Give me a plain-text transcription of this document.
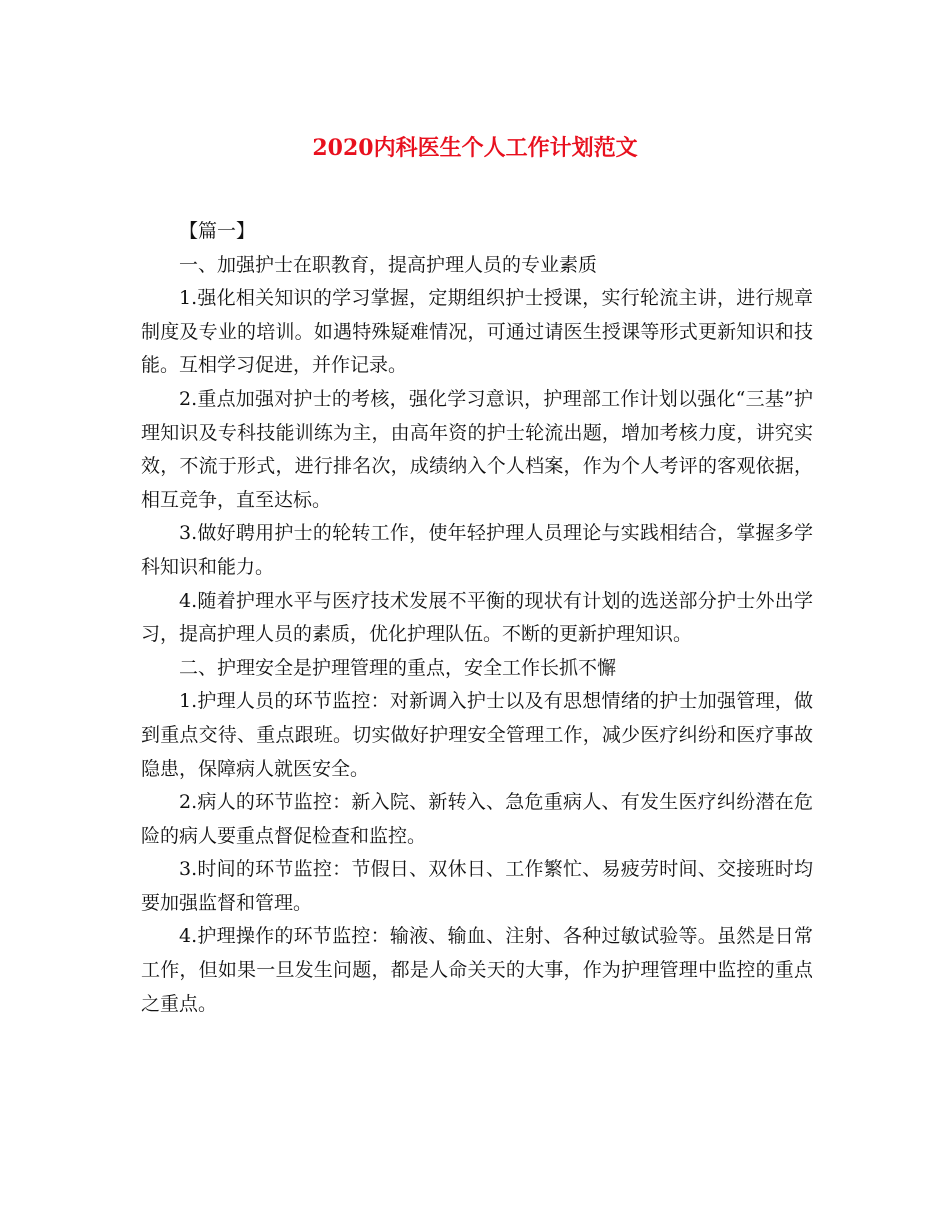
2020内科医生个人工作计划范文

【篇一】

一、加强护士在职教育，提高护理人员的专业素质

1.强化相关知识的学习掌握，定期组织护士授课，实行轮流主讲，进行规章制度及专业的培训。如遇特殊疑难情况，可通过请医生授课等形式更新知识和技能。互相学习促进，并作记录。

2.重点加强对护士的考核，强化学习意识，护理部工作计划以强化“三基”护理知识及专科技能训练为主，由高年资的护士轮流出题，增加考核力度，讲究实效，不流于形式，进行排名次，成绩纳入个人档案，作为个人考评的客观依据，相互竞争，直至达标。

3.做好聘用护士的轮转工作，使年轻护理人员理论与实践相结合，掌握多学科知识和能力。

4.随着护理水平与医疗技术发展不平衡的现状有计划的选送部分护士外出学习，提高护理人员的素质，优化护理队伍。不断的更新护理知识。

二、护理安全是护理管理的重点，安全工作长抓不懈

1.护理人员的环节监控：对新调入护士以及有思想情绪的护士加强管理，做到重点交待、重点跟班。切实做好护理安全管理工作，减少医疗纠纷和医疗事故隐患，保障病人就医安全。

2.病人的环节监控：新入院、新转入、急危重病人、有发生医疗纠纷潜在危险的病人要重点督促检查和监控。

3.时间的环节监控：节假日、双休日、工作繁忙、易疲劳时间、交接班时均要加强监督和管理。

4.护理操作的环节监控：输液、输血、注射、各种过敏试验等。虽然是日常工作，但如果一旦发生问题，都是人命关天的大事，作为护理管理中监控的重点之重点。
